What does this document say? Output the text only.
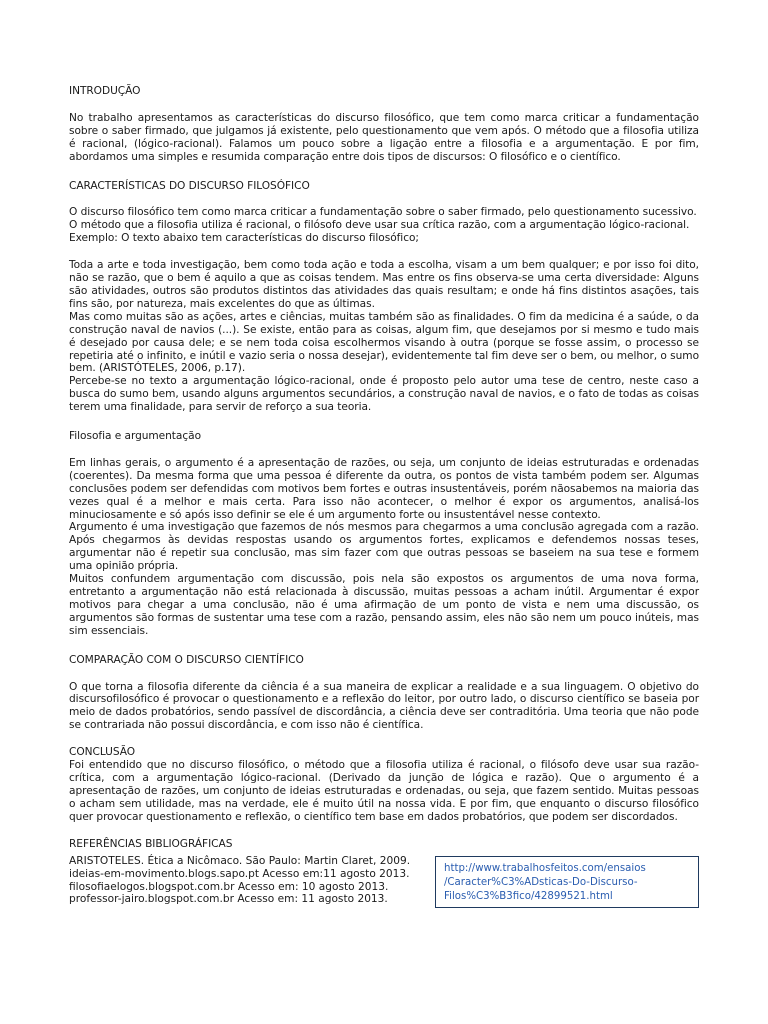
INTRODUÇÃO

No trabalho apresentamos as características do discurso filosófico, que tem como marca criticar a fundamentação sobre o saber firmado, que julgamos já existente, pelo questionamento que vem após. O método que a filosofia utiliza é racional, (lógico-racional). Falamos um pouco sobre a ligação entre a filosofia e a argumentação. E por fim, abordamos uma simples e resumida comparação entre dois tipos de discursos: O filosófico e o científico.

CARACTERÍSTICAS DO DISCURSO FILOSÓFICO

O discurso filosófico tem como marca criticar a fundamentação sobre o saber firmado, pelo questionamento sucessivo.

O método que a filosofia utiliza é racional, o filósofo deve usar sua crítica razão, com a argumentação lógico-racional.

Exemplo: O texto abaixo tem características do discurso filosófico;

Toda a arte e toda investigação, bem como toda ação e toda a escolha, visam a um bem qualquer; e por isso foi dito, não se razão, que o bem é aquilo a que as coisas tendem. Mas entre os fins observa-se uma certa diversidade: Alguns são atividades, outros são produtos distintos das atividades das quais resultam; e onde há fins distintos asações, tais fins são, por natureza, mais excelentes do que as últimas.

Mas como muitas são as ações, artes e ciências, muitas também são as finalidades. O fim da medicina é a saúde, o da construção naval de navios (...). Se existe, então para as coisas, algum fim, que desejamos por si mesmo e tudo mais é desejado por causa dele; e se nem toda coisa escolhermos visando à outra (porque se fosse assim, o processo se repetiria até o infinito, e inútil e vazio seria o nossa desejar), evidentemente tal fim deve ser o bem, ou melhor, o sumo bem. (ARISTÓTELES, 2006, p.17).

Percebe-se no texto a argumentação lógico-racional, onde é proposto pelo autor uma tese de centro, neste caso a busca do sumo bem, usando alguns argumentos secundários, a construção naval de navios, e o fato de todas as coisas terem uma finalidade, para servir de reforço a sua teoria.

Filosofia e argumentação

Em linhas gerais, o argumento é a apresentação de razões, ou seja, um conjunto de ideias estruturadas e ordenadas (coerentes). Da mesma forma que uma pessoa é diferente da outra, os pontos de vista também podem ser. Algumas conclusões podem ser defendidas com motivos bem fortes e outras insustentáveis, porém nãosabemos na maioria das vezes qual é a melhor e mais certa. Para isso não acontecer, o melhor é expor os argumentos, analisá-los minuciosamente e só após isso definir se ele é um argumento forte ou insustentável nesse contexto.

Argumento é uma investigação que fazemos de nós mesmos para chegarmos a uma conclusão agregada com a razão. Após chegarmos às devidas respostas usando os argumentos fortes, explicamos e defendemos nossas teses, argumentar não é repetir sua conclusão, mas sim fazer com que outras pessoas se baseiem na sua tese e formem uma opinião própria.

Muitos confundem argumentação com discussão, pois nela são expostos os argumentos de uma nova forma, entretanto a argumentação não está relacionada à discussão, muitas pessoas a acham inútil. Argumentar é expor motivos para chegar a uma conclusão, não é uma afirmação de um ponto de vista e nem uma discussão, os argumentos são formas de sustentar uma tese com a razão, pensando assim, eles não são nem um pouco inúteis, mas sim essenciais.

COMPARAÇÃO COM O DISCURSO CIENTÍFICO

O que torna a filosofia diferente da ciência é a sua maneira de explicar a realidade e a sua linguagem. O objetivo do discursofilosófico é provocar o questionamento e a reflexão do leitor, por outro lado, o discurso científico se baseia por meio de dados probatórios, sendo passível de discordância, a ciência deve ser contraditória. Uma teoria que não pode se contrariada não possui discordância, e com isso não é científica.

CONCLUSÃO

Foi entendido que no discurso filosófico, o método que a filosofia utiliza é racional, o filósofo deve usar sua razão-crítica, com a argumentação lógico-racional. (Derivado da junção de lógica e razão). Que o argumento é a apresentação de razões, um conjunto de ideias estruturadas e ordenadas, ou seja, que fazem sentido. Muitas pessoas o acham sem utilidade, mas na verdade, ele é muito útil na nossa vida. E por fim, que enquanto o discurso filosófico quer provocar questionamento e reflexão, o científico tem base em dados probatórios, que podem ser discordados.

REFERÊNCIAS BIBLIOGRÁFICAS

ARISTOTELES. Ética a Nicômaco. São Paulo: Martin Claret, 2009.

ideias-em-movimento.blogs.sapo.pt Acesso em:11 agosto 2013.

filosofiaelogos.blogspot.com.br Acesso em: 10 agosto 2013.

professor-jairo.blogspot.com.br Acesso em: 11 agosto 2013.

http://www.trabalhosfeitos.com/ensaios
/Caracter%C3%ADsticas-Do-Discurso-
Filos%C3%B3fico/42899521.html
